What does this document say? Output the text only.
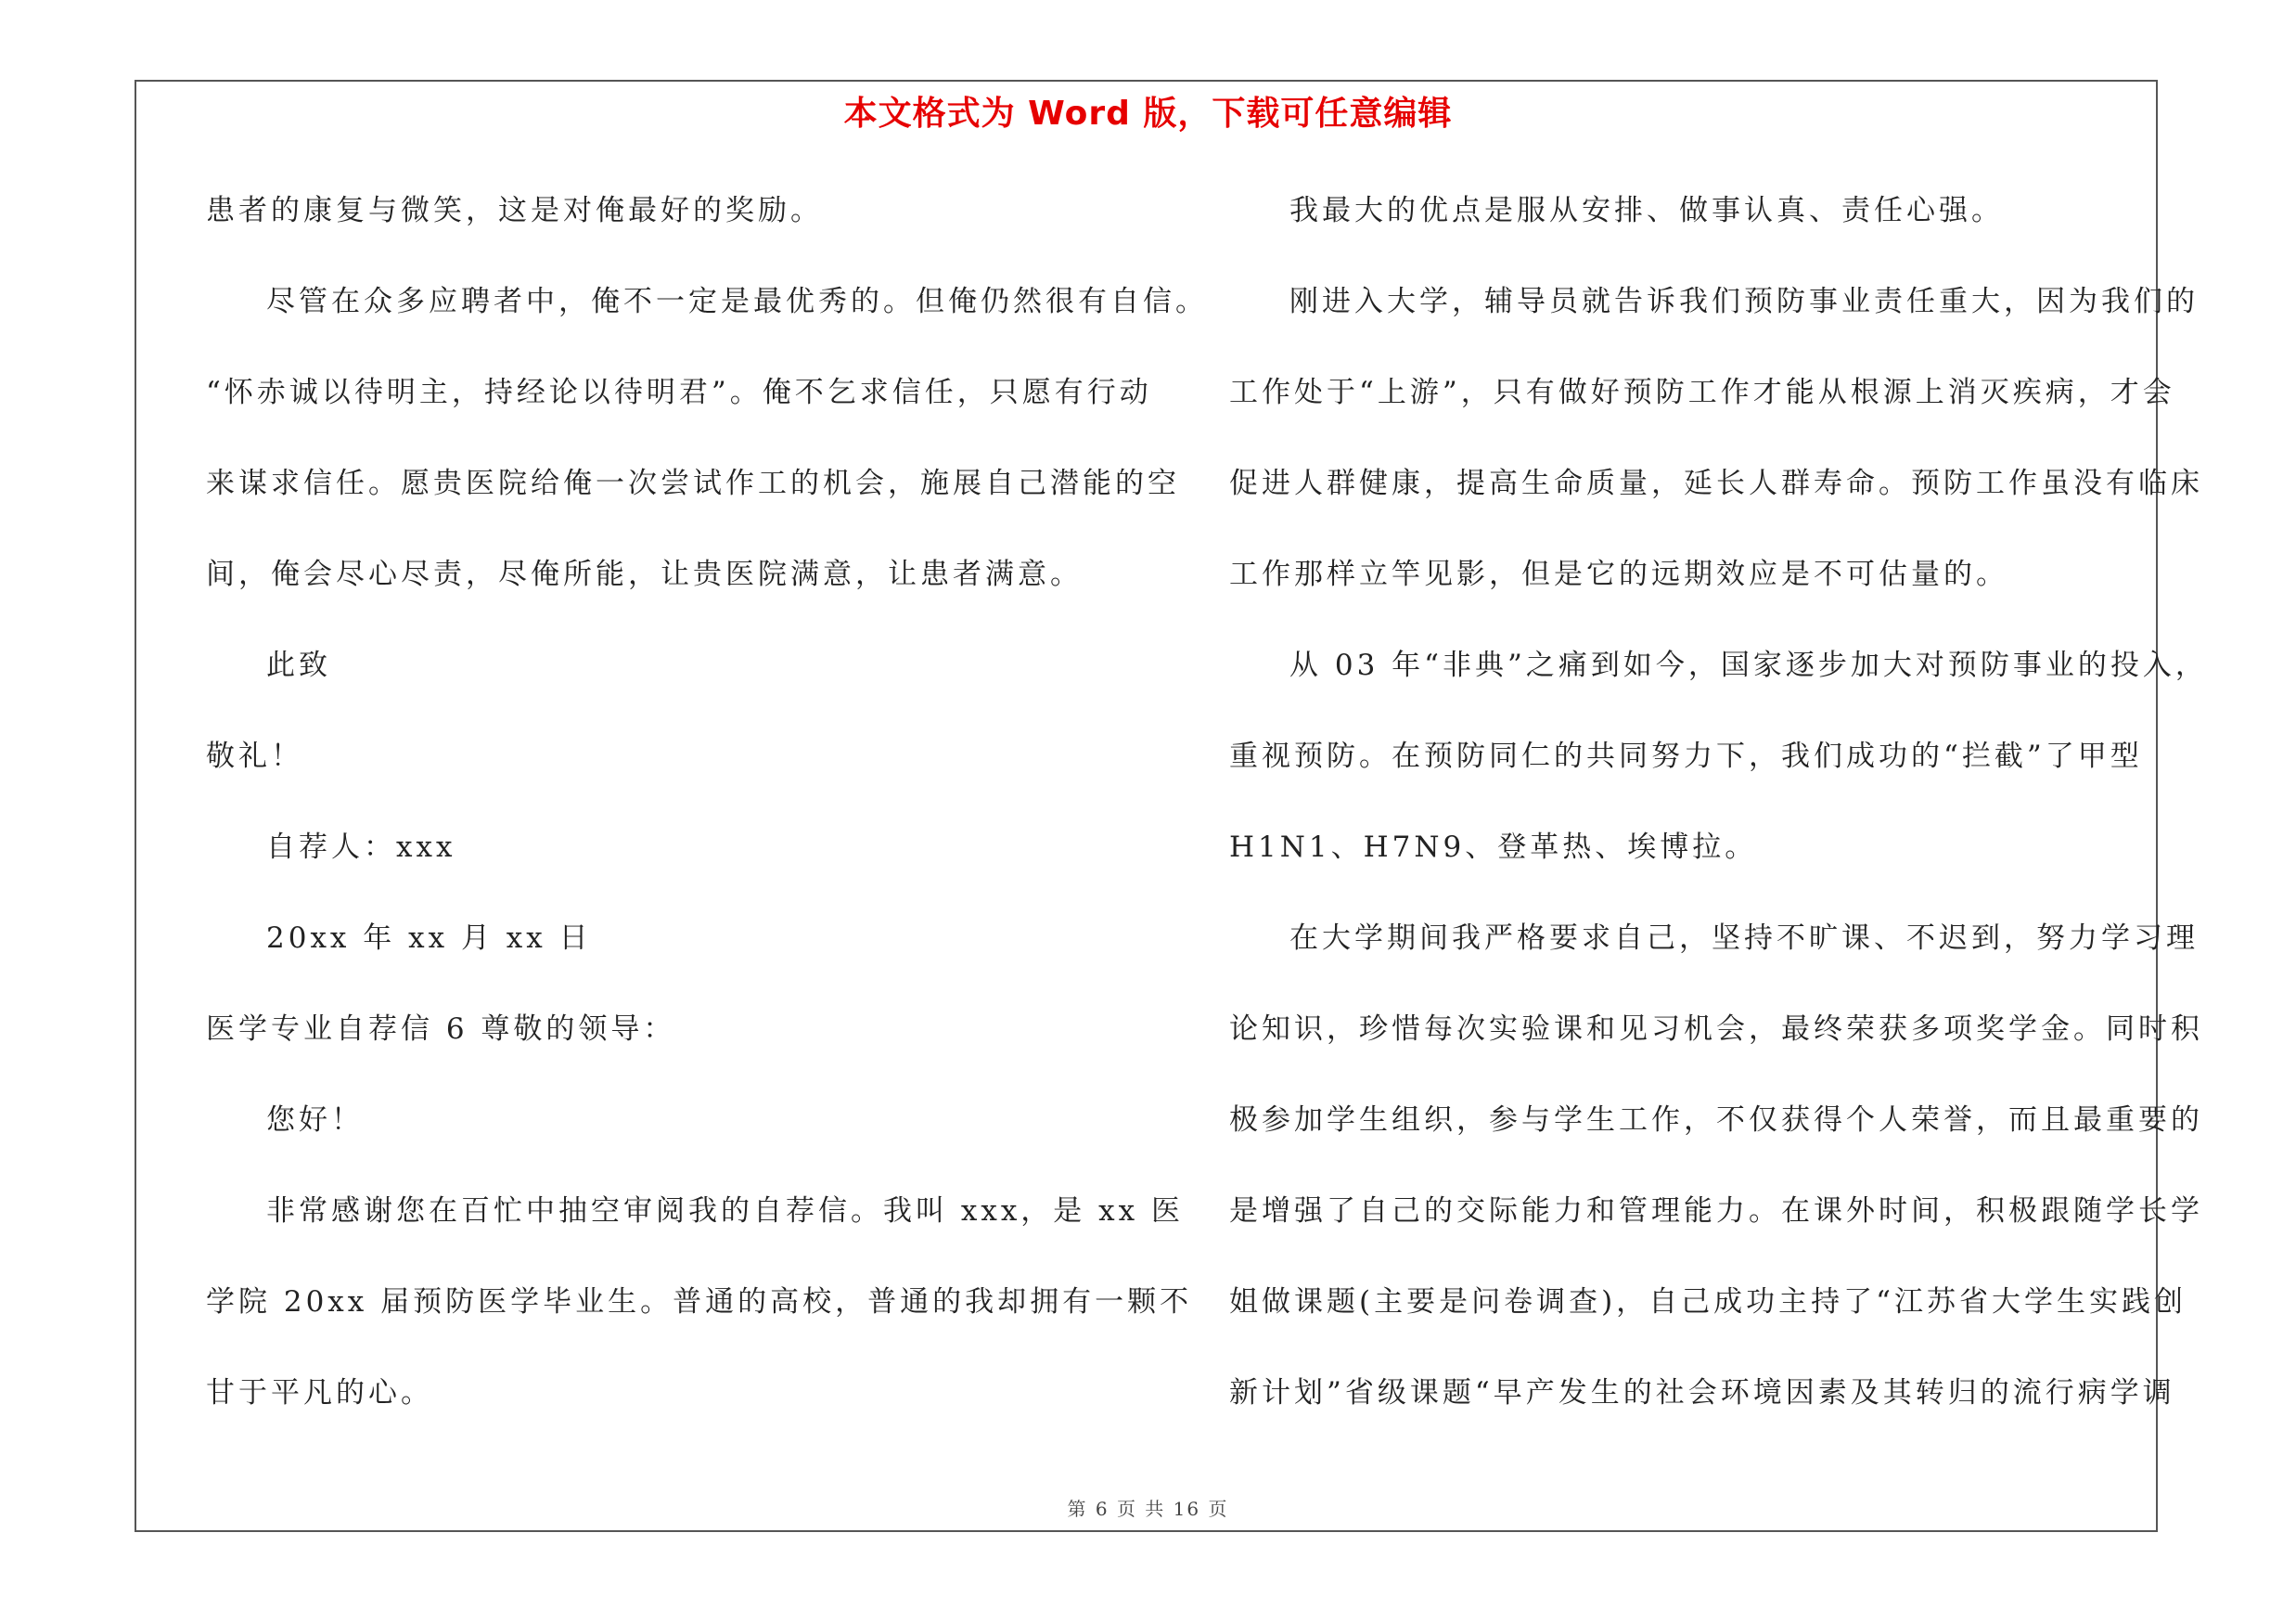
本文格式为 Word 版，下载可任意编辑
患者的康复与微笑，这是对俺最好的奖励。
尽管在众多应聘者中，俺不一定是最优秀的。但俺仍然很有自信。
“怀赤诚以待明主，持经论以待明君”。俺不乞求信任，只愿有行动
来谋求信任。愿贵医院给俺一次尝试作工的机会，施展自己潜能的空
间，俺会尽心尽责，尽俺所能，让贵医院满意，让患者满意。
此致
敬礼！
自荐人：xxx
20xx 年 xx 月 xx 日
医学专业自荐信 6 尊敬的领导：
您好！
非常感谢您在百忙中抽空审阅我的自荐信。我叫 xxx，是 xx 医
学院 20xx 届预防医学毕业生。普通的高校，普通的我却拥有一颗不
甘于平凡的心。
我最大的优点是服从安排、做事认真、责任心强。
刚进入大学，辅导员就告诉我们预防事业责任重大，因为我们的
工作处于“上游”，只有做好预防工作才能从根源上消灭疾病，才会
促进人群健康，提高生命质量，延长人群寿命。预防工作虽没有临床
工作那样立竿见影，但是它的远期效应是不可估量的。
从 03 年“非典”之痛到如今，国家逐步加大对预防事业的投入，
重视预防。在预防同仁的共同努力下，我们成功的“拦截”了甲型
H1N1、H7N9、登革热、埃博拉。
在大学期间我严格要求自己，坚持不旷课、不迟到，努力学习理
论知识，珍惜每次实验课和见习机会，最终荣获多项奖学金。同时积
极参加学生组织，参与学生工作，不仅获得个人荣誉，而且最重要的
是增强了自己的交际能力和管理能力。在课外时间，积极跟随学长学
姐做课题(主要是问卷调查)，自己成功主持了“江苏省大学生实践创
新计划”省级课题“早产发生的社会环境因素及其转归的流行病学调
第 6 页 共 16 页
